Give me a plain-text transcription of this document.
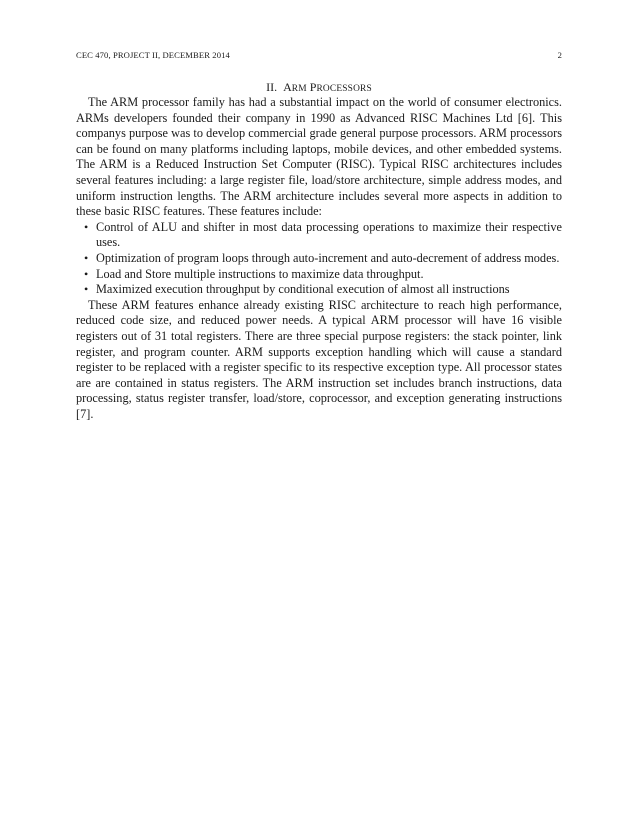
CEC 470, PROJECT II, DECEMBER 2014	2
II. ARM PROCESSORS

The ARM processor family has had a substantial impact on the world of consumer electronics. ARMs developers founded their company in 1990 as Advanced RISC Machines Ltd [6]. This companys purpose was to develop commercial grade general purpose processors. ARM processors can be found on many platforms including laptops, mobile devices, and other embedded systems. The ARM is a Reduced Instruction Set Computer (RISC). Typical RISC architectures includes several features including: a large register file, load/store architecture, simple address modes, and uniform instruction lengths. The ARM architecture includes several more aspects in addition to these basic RISC features. These features include:

• Control of ALU and shifter in most data processing operations to maximize their respective uses.
• Optimization of program loops through auto-increment and auto-decrement of address modes.
• Load and Store multiple instructions to maximize data throughput.
• Maximized execution throughput by conditional execution of almost all instructions

These ARM features enhance already existing RISC architecture to reach high performance, reduced code size, and reduced power needs. A typical ARM processor will have 16 visible registers out of 31 total registers. There are three special purpose registers: the stack pointer, link register, and program counter. ARM supports exception handling which will cause a standard register to be replaced with a register specific to its respective exception type. All processor states are are contained in status registers. The ARM instruction set includes branch instructions, data processing, status register transfer, load/store, coprocessor, and exception generating instructions [7].
